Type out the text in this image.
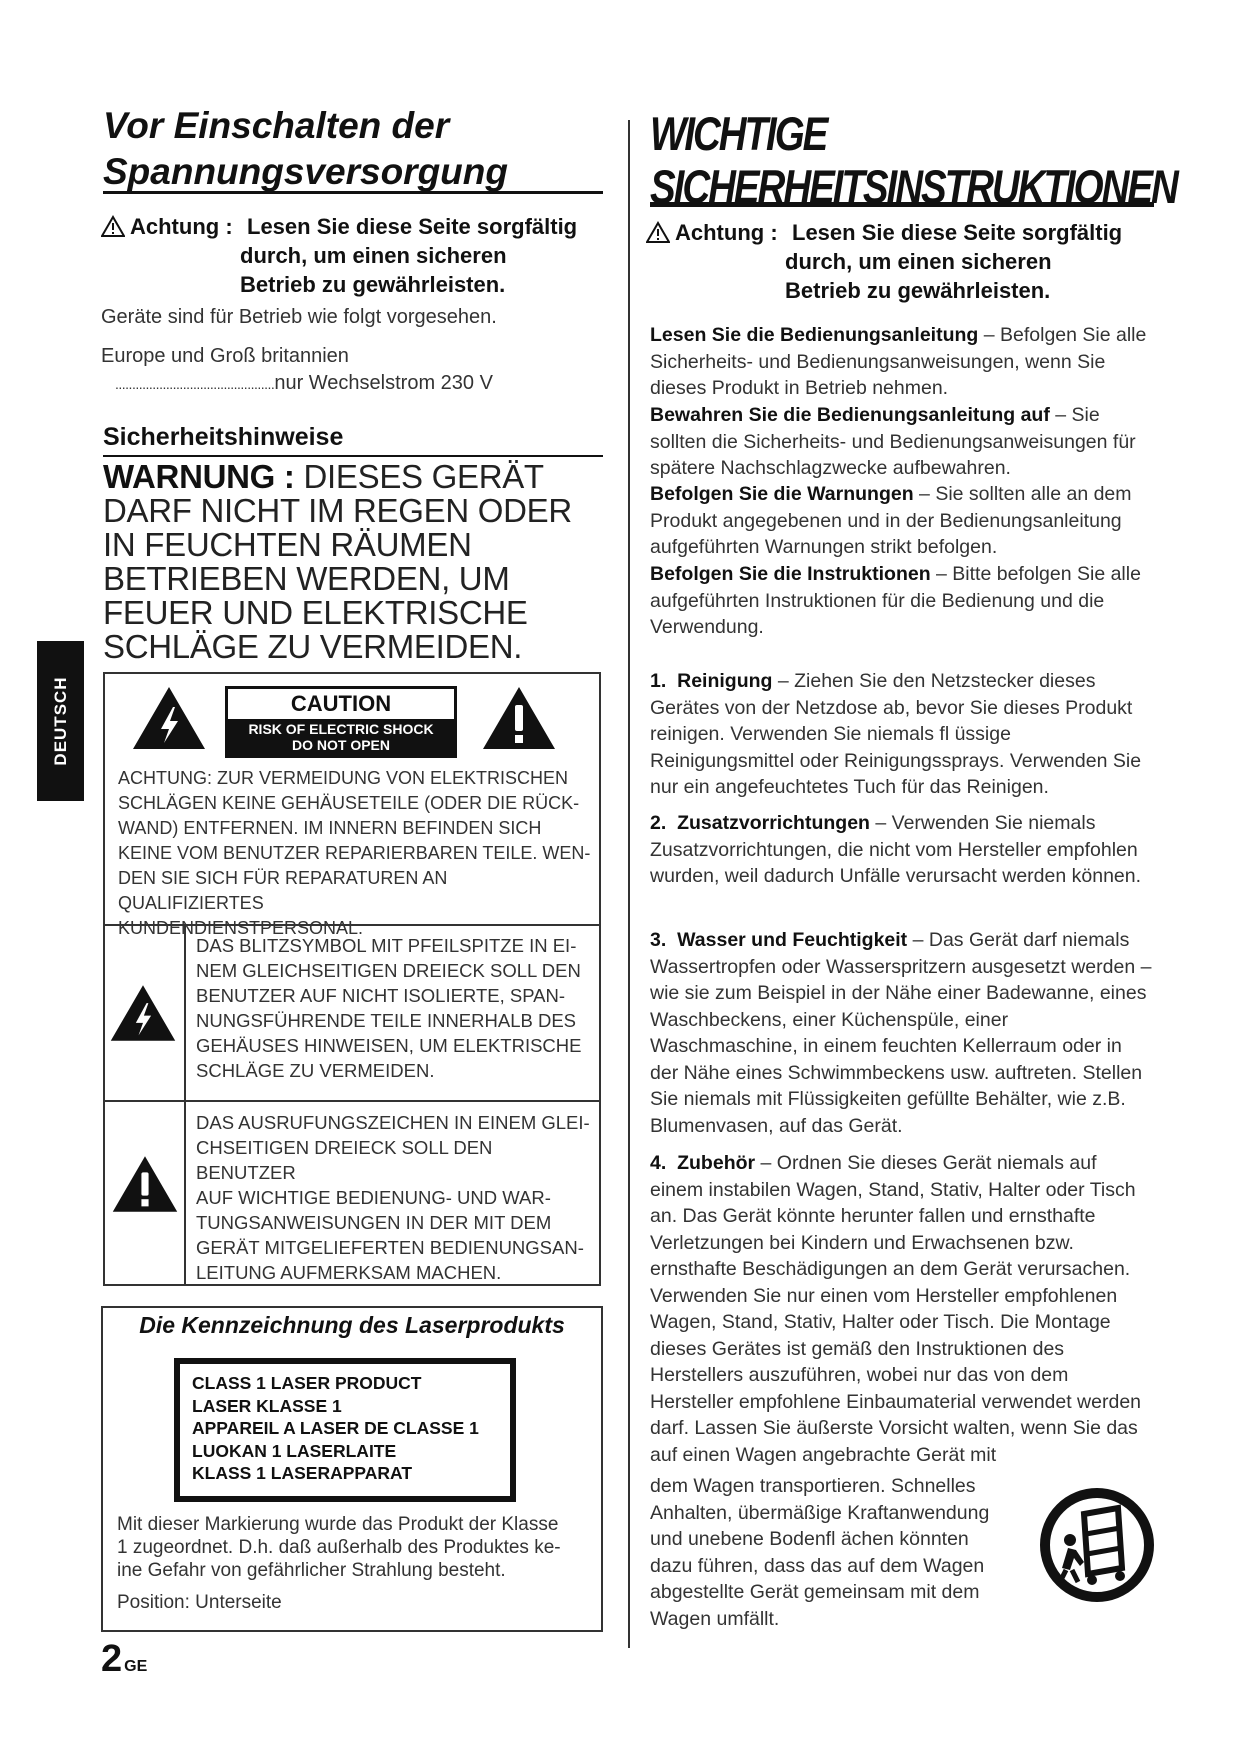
Vor Einschalten der
Spannungsversorgung
Achtung : Lesen Sie diese Seite sorgfältig
durch, um einen sicheren
Betrieb zu gewährleisten.
Geräte sind für Betrieb wie folgt vorgesehen.
Europe und Groß britannien
...............................................nur Wechselstrom 230 V
Sicherheitshinweise
WARNUNG : DIESES GERÄT
DARF NICHT IM REGEN ODER
IN FEUCHTEN RÄUMEN
BETRIEBEN WERDEN, UM
FEUER UND ELEKTRISCHE
SCHLÄGE ZU VERMEIDEN.
DEUTSCH	CAUTION
RISK OF ELECTRIC SHOCK
DO NOT OPEN
ACHTUNG: ZUR VERMEIDUNG VON ELEKTRISCHEN
SCHLÄGEN KEINE GEHÄUSETEILE (ODER DIE RÜCK-
WAND) ENTFERNEN. IM INNERN BEFINDEN SICH
KEINE VOM BENUTZER REPARIERBAREN TEILE. WEN-
DEN SIE SICH FÜR REPARATUREN AN QUALIFIZIERTES
KUNDENDIENSTPERSONAL.
DAS BLITZSYMBOL MIT PFEILSPITZE IN EI-
NEM GLEICHSEITIGEN DREIECK SOLL DEN
BENUTZER AUF NICHT ISOLIERTE, SPAN-
NUNGSFÜHRENDE TEILE INNERHALB DES
GEHÄUSES HINWEISEN, UM ELEKTRISCHE
SCHLÄGE ZU VERMEIDEN.
DAS AUSRUFUNGSZEICHEN IN EINEM GLEI-
CHSEITIGEN DREIECK SOLL DEN BENUTZER
AUF WICHTIGE BEDIENUNG- UND WAR-
TUNGSANWEISUNGEN IN DER MIT DEM
GERÄT MITGELIEFERTEN BEDIENUNGSAN-
LEITUNG AUFMERKSAM MACHEN.
Die Kennzeichnung des Laserprodukts
CLASS 1 LASER PRODUCT
LASER KLASSE 1
APPAREIL A LASER DE CLASSE 1
LUOKAN 1 LASERLAITE
KLASS 1 LASERAPPARAT
Mit dieser Markierung wurde das Produkt der Klasse
1 zugeordnet. D.h. daß außerhalb des Produktes ke-
ine Gefahr von gefährlicher Strahlung besteht.
Position: Unterseite
2 GE
WICHTIGE
SICHERHEITSINSTRUKTIONEN
Achtung : Lesen Sie diese Seite sorgfältig
durch, um einen sicheren
Betrieb zu gewährleisten.
Lesen Sie die Bedienungsanleitung – Befolgen Sie alle Sicherheits- und Bedienungsanweisungen, wenn Sie dieses Produkt in Betrieb nehmen.
Bewahren Sie die Bedienungsanleitung auf – Sie sollten die Sicherheits- und Bedienungsanweisungen für spätere Nachschlagzwecke aufbewahren.
Befolgen Sie die Warnungen – Sie sollten alle an dem Produkt angegebenen und in der Bedienungsanleitung aufgeführten Warnungen strikt befolgen.
Befolgen Sie die Instruktionen – Bitte befolgen Sie alle aufgeführten Instruktionen für die Bedienung und die Verwendung.
1. Reinigung – Ziehen Sie den Netzstecker dieses Gerätes von der Netzdose ab, bevor Sie dieses Produkt reinigen. Verwenden Sie niemals fl üssige Reinigungsmittel oder Reinigungssprays. Verwenden Sie nur ein angefeuchtetes Tuch für das Reinigen.
2. Zusatzvorrichtungen – Verwenden Sie niemals Zusatzvorrichtungen, die nicht vom Hersteller empfohlen wurden, weil dadurch Unfälle verursacht werden können.
3. Wasser und Feuchtigkeit – Das Gerät darf niemals Wassertropfen oder Wasserspritzern ausgesetzt werden – wie sie zum Beispiel in der Nähe einer Badewanne, eines Waschbeckens, einer Küchenspüle, einer Waschmaschine, in einem feuchten Kellerraum oder in der Nähe eines Schwimmbeckens usw. auftreten. Stellen Sie niemals mit Flüssigkeiten gefüllte Behälter, wie z.B. Blumenvasen, auf das Gerät.
4. Zubehör – Ordnen Sie dieses Gerät niemals auf einem instabilen Wagen, Stand, Stativ, Halter oder Tisch an. Das Gerät könnte herunter fallen und ernsthafte Verletzungen bei Kindern und Erwachsenen bzw. ernsthafte Beschädigungen an dem Gerät verursachen. Verwenden Sie nur einen vom Hersteller empfohlenen Wagen, Stand, Stativ, Halter oder Tisch. Die Montage dieses Gerätes ist gemäß den Instruktionen des Herstellers auszuführen, wobei nur das von dem Hersteller empfohlene Einbaumaterial verwendet werden darf. Lassen Sie äußerste Vorsicht walten, wenn Sie das auf einen Wagen angebrachte Gerät mit
dem Wagen transportieren. Schnelles Anhalten, übermäßige Kraftanwendung und unebene Bodenfl ächen könnten dazu führen, dass das auf dem Wagen abgestellte Gerät gemeinsam mit dem Wagen umfällt.
